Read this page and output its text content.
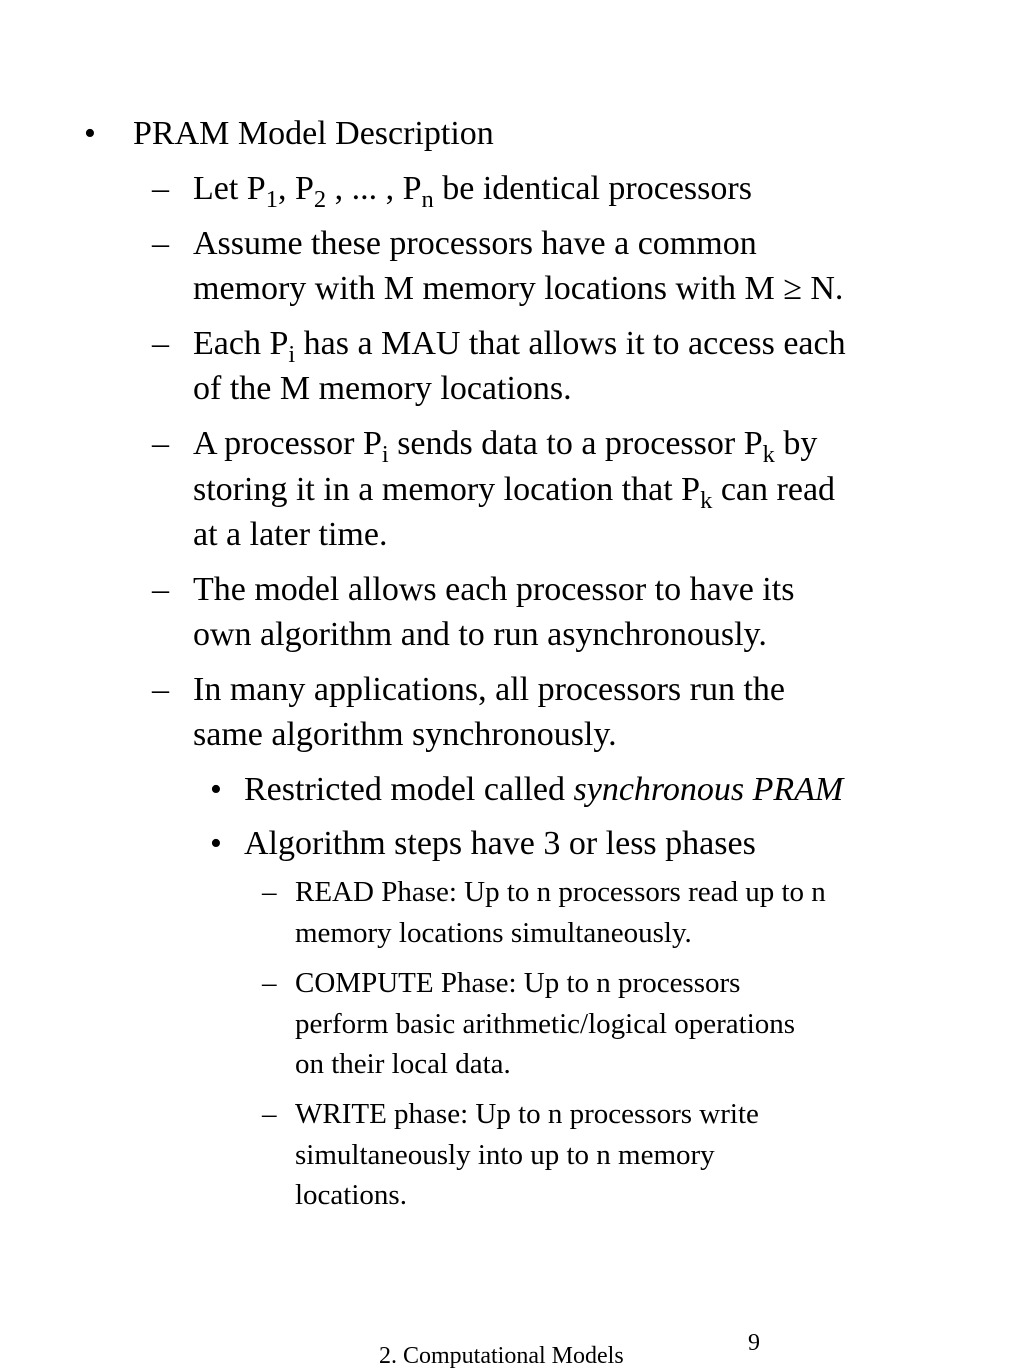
• PRAM Model Description
– Let $P_1$, $P_2$ , ... , $P_n$ be identical processors
– Assume these processors have a common
memory with M memory locations with M ≥ N.
– Each $P_i$ has a MAU that allows it to access each
of the M memory locations.
– A processor $P_i$ sends data to a processor $P_k$ by
storing it in a memory location that $P_k$ can read
at a later time.
– The model allows each processor to have its
own algorithm and to run asynchronously.
– In many applications, all processors run the
same algorithm synchronously.
• Restricted model called synchronous PRAM
• Algorithm steps have 3 or less phases
– READ Phase: Up to n processors read up to n
memory locations simultaneously.
– COMPUTE Phase: Up to n processors
perform basic arithmetic/logical operations
on their local data.
– WRITE phase: Up to n processors write
simultaneously into up to n memory
locations.
9
2. Computational Models
